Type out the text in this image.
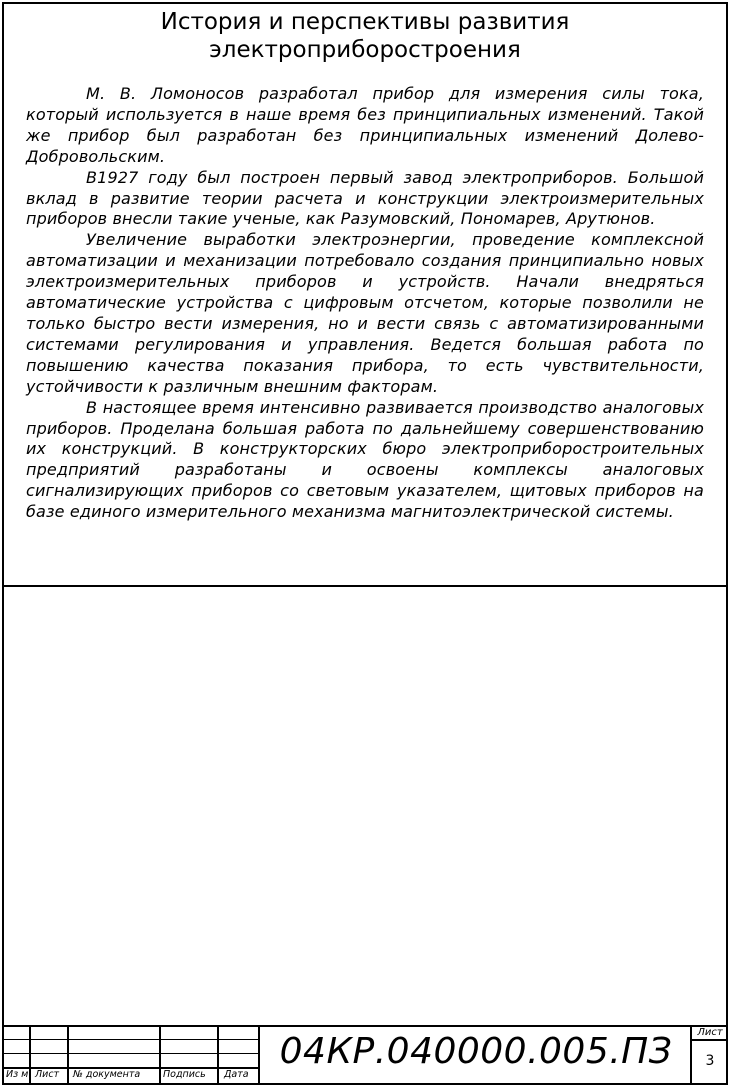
История и перспективы развития
электроприборостроения

М. В. Ломоносов разработал прибор для измерения силы тока, который используется в наше время без принципиальных изменений. Такой же прибор был разработан без принципиальных изменений Долево- Добровольским.

В1927 году был построен первый завод электроприборов. Большой вклад в развитие теории расчета и конструкции электроизмерительных приборов внесли такие ученые, как Разумовский, Пономарев, Арутюнов.

Увеличение выработки электроэнергии, проведение комплексной автоматизации и механизации потребовало создания принципиально новых электроизмерительных приборов и устройств. Начали внедряться автоматические устройства с цифровым отсчетом, которые позволили не только быстро вести измерения, но и вести связь с автоматизированными системами регулирования и управления. Ведется большая работа по повышению качества показания прибора, то есть чувствительности, устойчивости к различным внешним факторам.

В настоящее время интенсивно развивается производство аналоговых приборов. Проделана большая работа по дальнейшему совершенствованию их конструкций. В конструкторских бюро электроприборостроительных предприятий разработаны и освоены комплексы аналоговых сигнализирующих приборов со световым указателем, щитовых приборов на базе единого измерительного механизма магнитоэлектрической системы.

Из м Лист № документа Подпись Дата
04КР.040000.005.ПЗ	Лист
3
